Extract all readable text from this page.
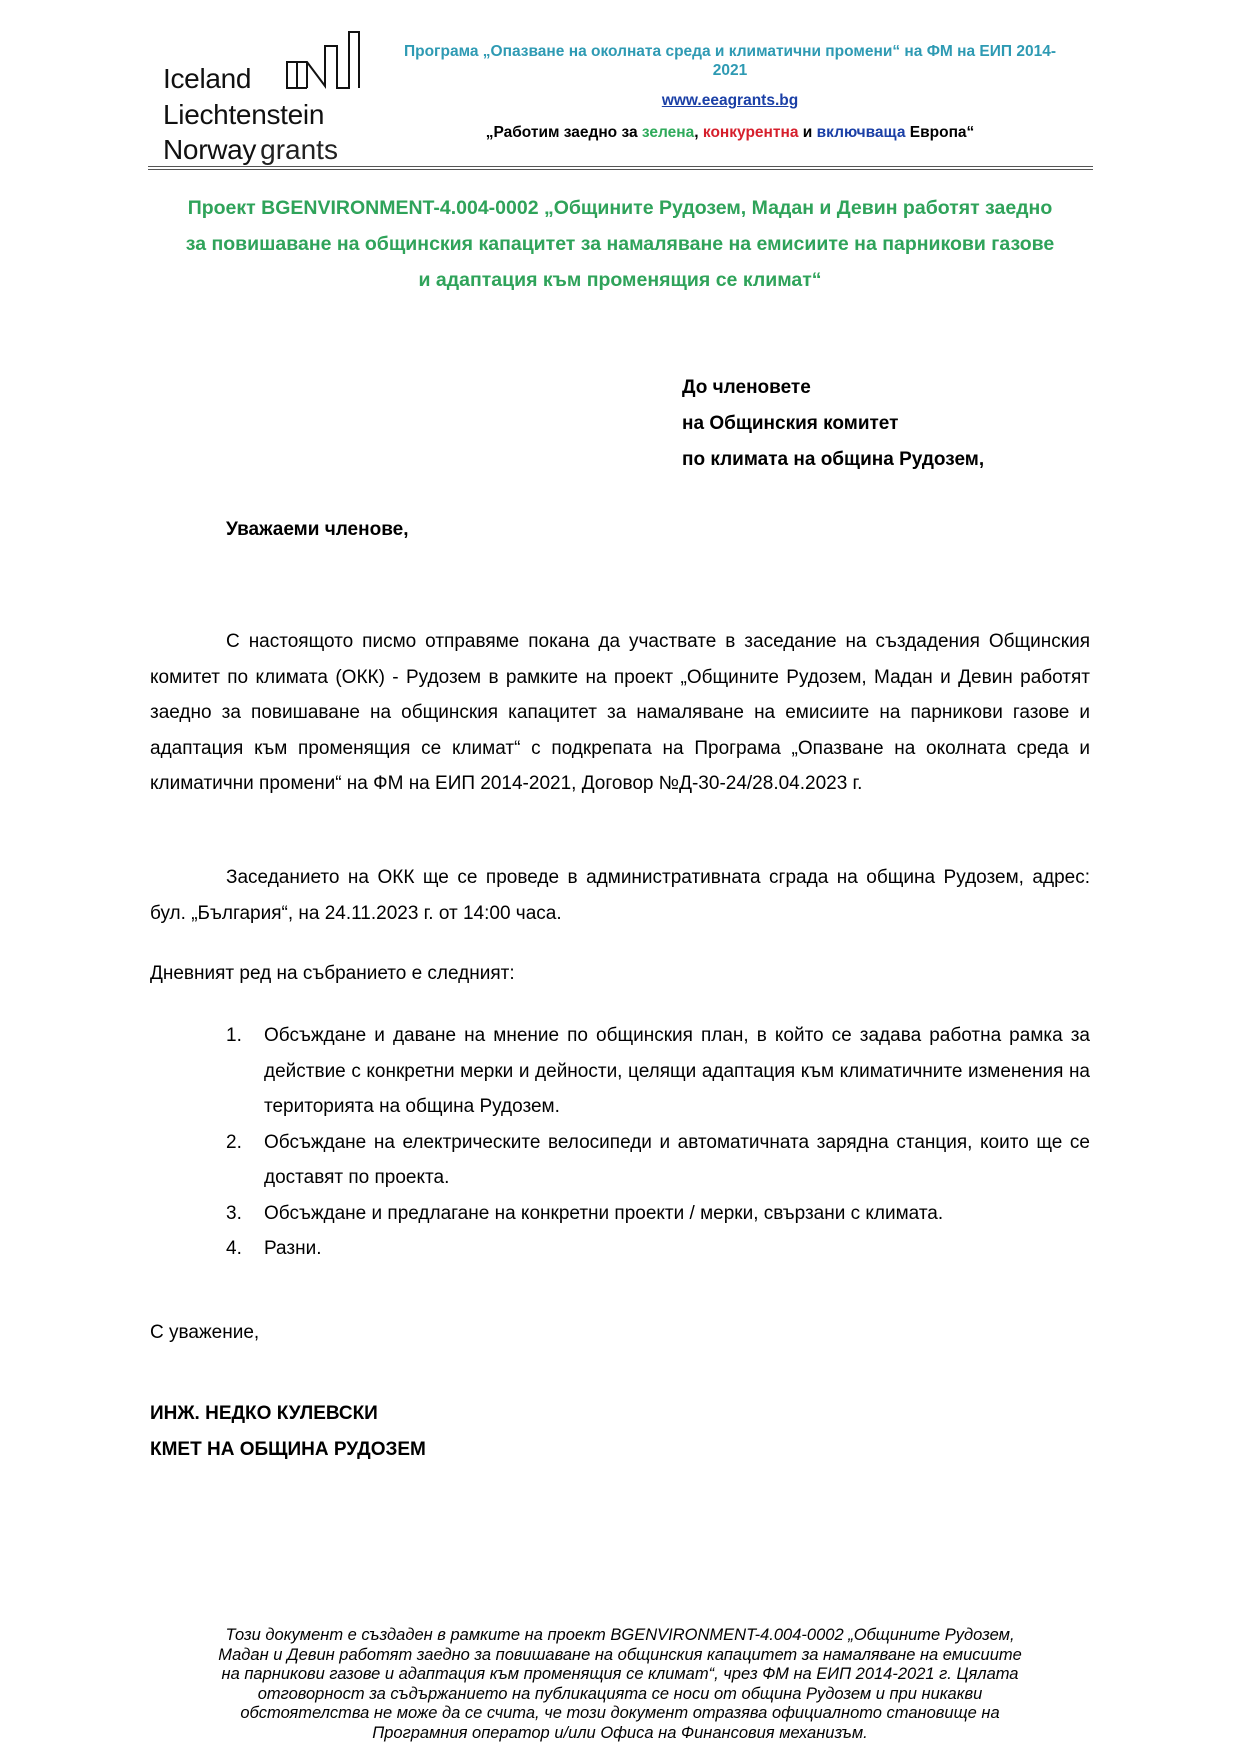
Iceland
Liechtenstein
Norway grants
Програма „Опазване на околната среда и климатични промени“ на ФМ на ЕИП 2014-
2021
www.eeagrants.bg
„Работим заедно за зелена, конкурентна и включваща Европа“
Проект BGENVIRONMENT-4.004-0002 „Общините Рудозем, Мадан и Девин работят заедно
за повишаване на общинския капацитет за намаляване на емисиите на парникови газове
и адаптация към променящия се климат“
До членовете
на Общинския комитет
по климата на община Рудозем,
Уважаеми членове,
С настоящото писмо отправяме покана да участвате в заседание на създадения Общинския комитет по климата (ОКК) - Рудозем в рамките на проект „Общините Рудозем, Мадан и Девин работят заедно за повишаване на общинския капацитет за намаляване на емисиите на парникови газове и адаптация към променящия се климат“ с подкрепата на Програма „Опазване на околната среда и климатични промени“ на ФМ на ЕИП 2014-2021, Договор №Д-30-24/28.04.2023 г.
Заседанието на ОКК ще се проведе в административната сграда на община Рудозем, адрес: бул. „България“, на 24.11.2023 г. от 14:00 часа.
Дневният ред на събранието е следният:
1. Обсъждане и даване на мнение по общинския план, в който се задава работна рамка за действие с конкретни мерки и дейности, целящи адаптация към климатичните изменения на територията на община Рудозем.
2. Обсъждане на електрическите велосипеди и автоматичната зарядна станция, които ще се доставят по проекта.
3. Обсъждане и предлагане на конкретни проекти / мерки, свързани с климата.
4. Разни.
С уважение,
ИНЖ. НЕДКО КУЛЕВСКИ
КМЕТ НА ОБЩИНА РУДОЗЕМ
Този документ е създаден в рамките на проект BGENVIRONMENT-4.004-0002 „Общините Рудозем,
Мадан и Девин работят заедно за повишаване на общинския капацитет за намаляване на емисиите
на парникови газове и адаптация към променящия се климат“, чрез ФМ на ЕИП 2014-2021 г. Цялата
отговорност за съдържанието на публикацията се носи от община Рудозем и при никакви
обстоятелства не може да се счита, че този документ отразява официалното становище на
Програмния оператор и/или Офиса на Финансовия механизъм.
